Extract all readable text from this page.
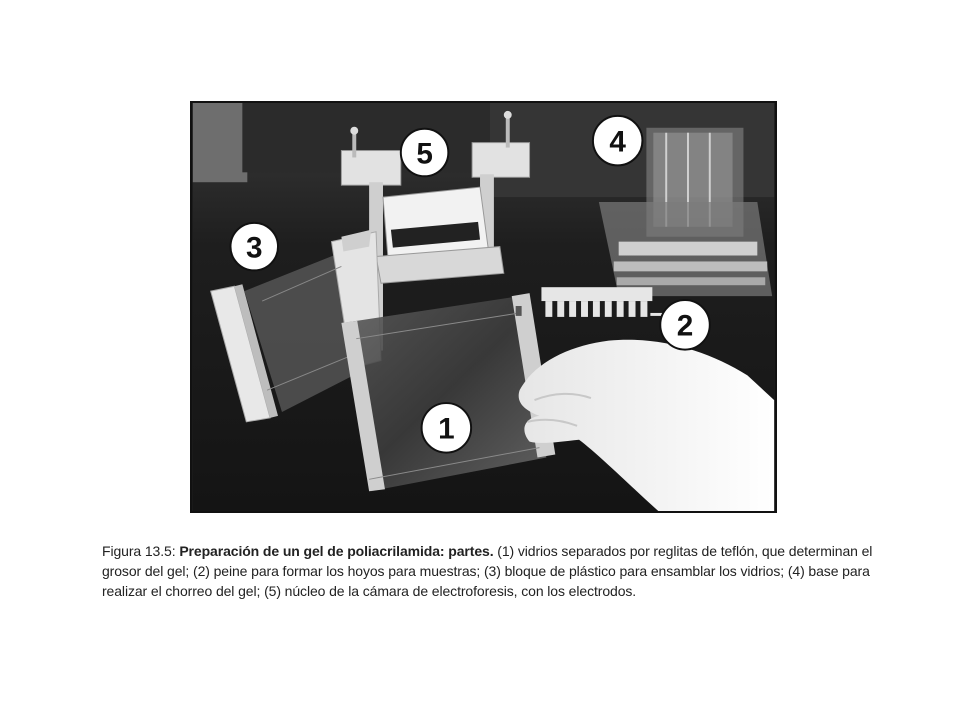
5	4
3
2
1
Figura 13.5: Preparación de un gel de poliacrilamida: partes. (1) vidrios separados por reglitas de teflón, que determinan el grosor del gel; (2) peine para formar los hoyos para muestras; (3) bloque de plástico para ensamblar los vidrios; (4) base para realizar el chorreo del gel; (5) núcleo de la cámara de electroforesis, con los electrodos.
